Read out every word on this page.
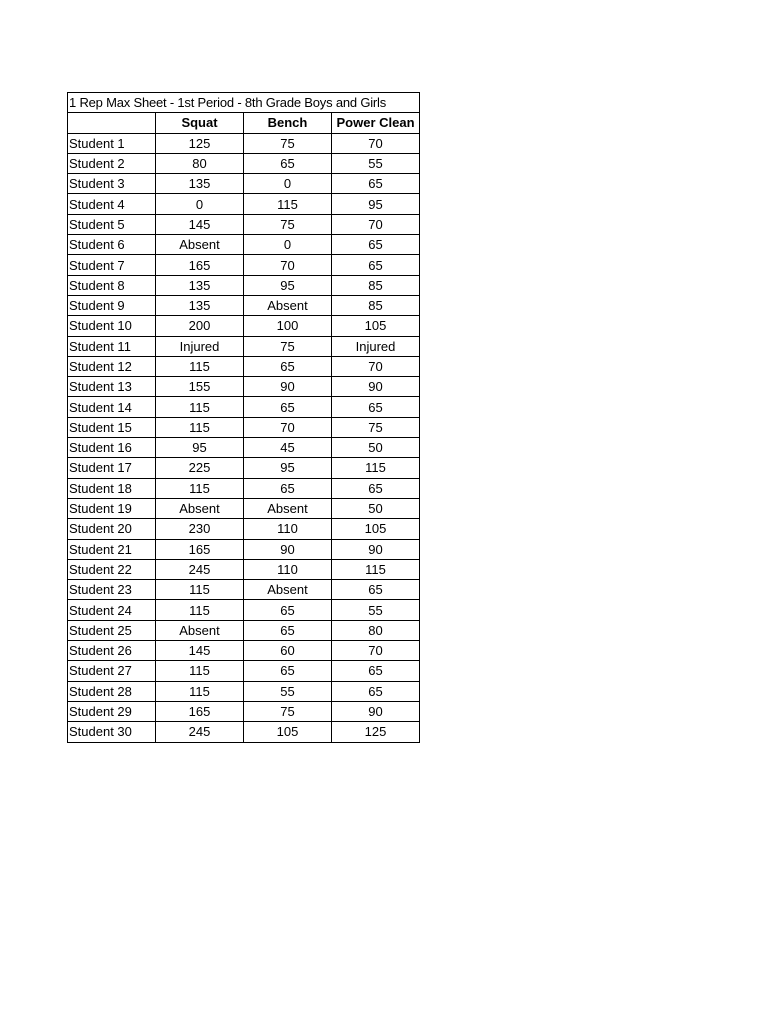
1 Rep Max Sheet - 1st Period - 8th Grade Boys and Girls			
	Squat	Bench	Power Clean
Student 1	125	75	70
Student 2	80	65	55
Student 3	135	0	65
Student 4	0	115	95
Student 5	145	75	70
Student 6	Absent	0	65
Student 7	165	70	65
Student 8	135	95	85
Student 9	135	Absent	85
Student 10	200	100	105
Student 11	Injured	75	Injured
Student 12	115	65	70
Student 13	155	90	90
Student 14	115	65	65
Student 15	115	70	75
Student 16	95	45	50
Student 17	225	95	115
Student 18	115	65	65
Student 19	Absent	Absent	50
Student 20	230	110	105
Student 21	165	90	90
Student 22	245	110	115
Student 23	115	Absent	65
Student 24	115	65	55
Student 25	Absent	65	80
Student 26	145	60	70
Student 27	115	65	65
Student 28	115	55	65
Student 29	165	75	90
Student 30	245	105	125
